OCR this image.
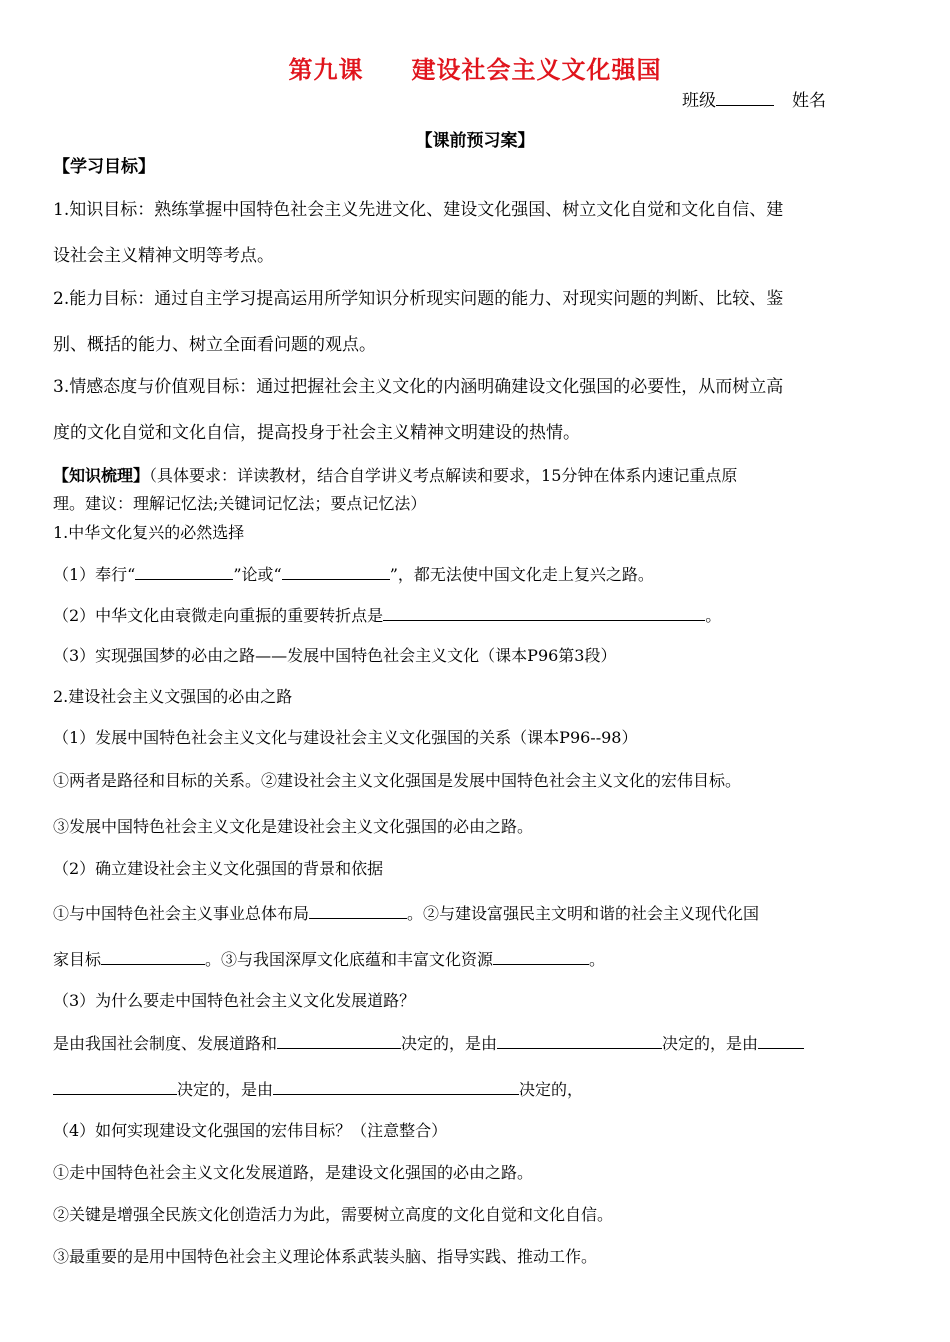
第九课 建设社会主义文化强国
班级	姓名
【课前预习案】
【学习目标】
1.知识目标：熟练掌握中国特色社会主义先进文化、建设文化强国、树立文化自觉和文化自信、建
设社会主义精神文明等考点。
2.能力目标：通过自主学习提高运用所学知识分析现实问题的能力、对现实问题的判断、比较、鉴
别、概括的能力、树立全面看问题的观点。
3.情感态度与价值观目标：通过把握社会主义文化的内涵明确建设文化强国的必要性，从而树立高
度的文化自觉和文化自信，提高投身于社会主义精神文明建设的热情。
【知识梳理】（具体要求：详读教材，结合自学讲义考点解读和要求，15分钟在体系内速记重点原
理。建议：理解记忆法;关键词记忆法；要点记忆法）
1.中华文化复兴的必然选择
（1）奉行“	”论或“	”，都无法使中国文化走上复兴之路。
（2）中华文化由衰微走向重振的重要转折点是	。
（3）实现强国梦的必由之路——发展中国特色社会主义文化（课本P96第3段）
2.建设社会主义文强国的必由之路
（1）发展中国特色社会主义文化与建设社会主义文化强国的关系（课本P96--98）
①两者是路径和目标的关系。②建设社会主义文化强国是发展中国特色社会主义文化的宏伟目标。
③发展中国特色社会主义文化是建设社会主义文化强国的必由之路。
（2）确立建设社会主义文化强国的背景和依据
①与中国特色社会主义事业总体布局	。②与建设富强民主文明和谐的社会主义现代化国
家目标	。③与我国深厚文化底蕴和丰富文化资源	。
（3）为什么要走中国特色社会主义文化发展道路？
是由我国社会制度、发展道路和	决定的，是由	决定的，是由
决定的，是由	决定的，
（4）如何实现建设文化强国的宏伟目标？（注意整合）
①走中国特色社会主义文化发展道路，是建设文化强国的必由之路。
②关键是增强全民族文化创造活力为此，需要树立高度的文化自觉和文化自信。
③最重要的是用中国特色社会主义理论体系武装头脑、指导实践、推动工作。
